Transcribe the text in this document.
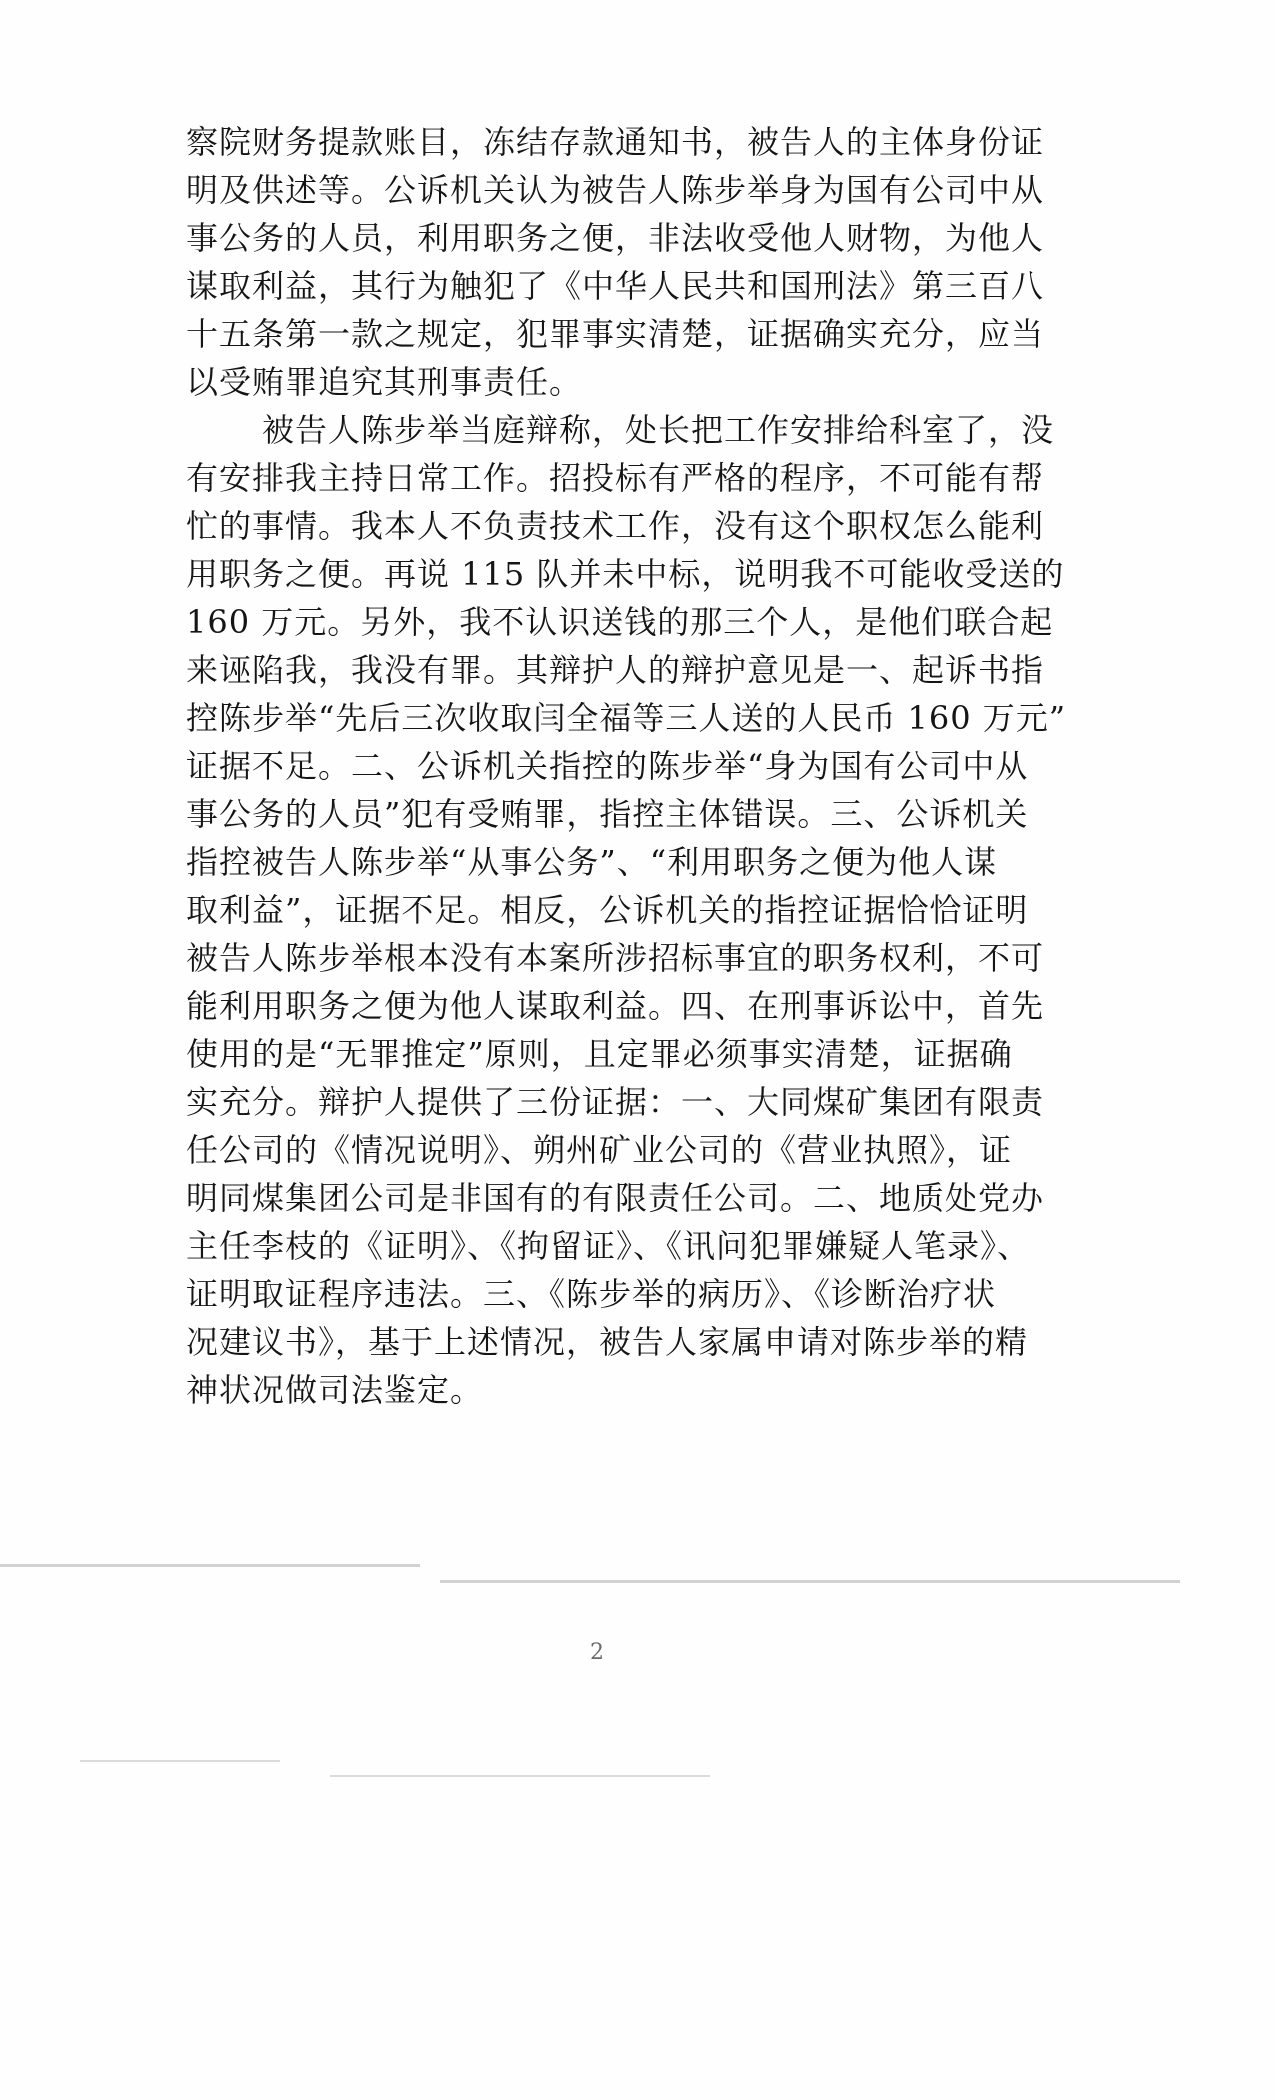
察院财务提款账目，冻结存款通知书，被告人的主体身份证
明及供述等。公诉机关认为被告人陈步举身为国有公司中从
事公务的人员，利用职务之便，非法收受他人财物，为他人
谋取利益，其行为触犯了《中华人民共和国刑法》第三百八
十五条第一款之规定，犯罪事实清楚，证据确实充分，应当
以受贿罪追究其刑事责任。
被告人陈步举当庭辩称，处长把工作安排给科室了，没
有安排我主持日常工作。招投标有严格的程序，不可能有帮
忙的事情。我本人不负责技术工作，没有这个职权怎么能利
用职务之便。再说 115 队并未中标，说明我不可能收受送的
160 万元。另外，我不认识送钱的那三个人，是他们联合起
来诬陷我，我没有罪。其辩护人的辩护意见是一、起诉书指
控陈步举“先后三次收取闫全福等三人送的人民币 160 万元”
证据不足。二、公诉机关指控的陈步举“身为国有公司中从
事公务的人员”犯有受贿罪，指控主体错误。三、公诉机关
指控被告人陈步举“从事公务”、“利用职务之便为他人谋
取利益”，证据不足。相反，公诉机关的指控证据恰恰证明
被告人陈步举根本没有本案所涉招标事宜的职务权利，不可
能利用职务之便为他人谋取利益。四、在刑事诉讼中，首先
使用的是“无罪推定”原则，且定罪必须事实清楚，证据确
实充分。辩护人提供了三份证据：一、大同煤矿集团有限责
任公司的《情况说明》、朔州矿业公司的《营业执照》，证
明同煤集团公司是非国有的有限责任公司。二、地质处党办
主任李枝的《证明》、《拘留证》、《讯问犯罪嫌疑人笔录》、
证明取证程序违法。三、《陈步举的病历》、《诊断治疗状
况建议书》，基于上述情况，被告人家属申请对陈步举的精
神状况做司法鉴定。
2
